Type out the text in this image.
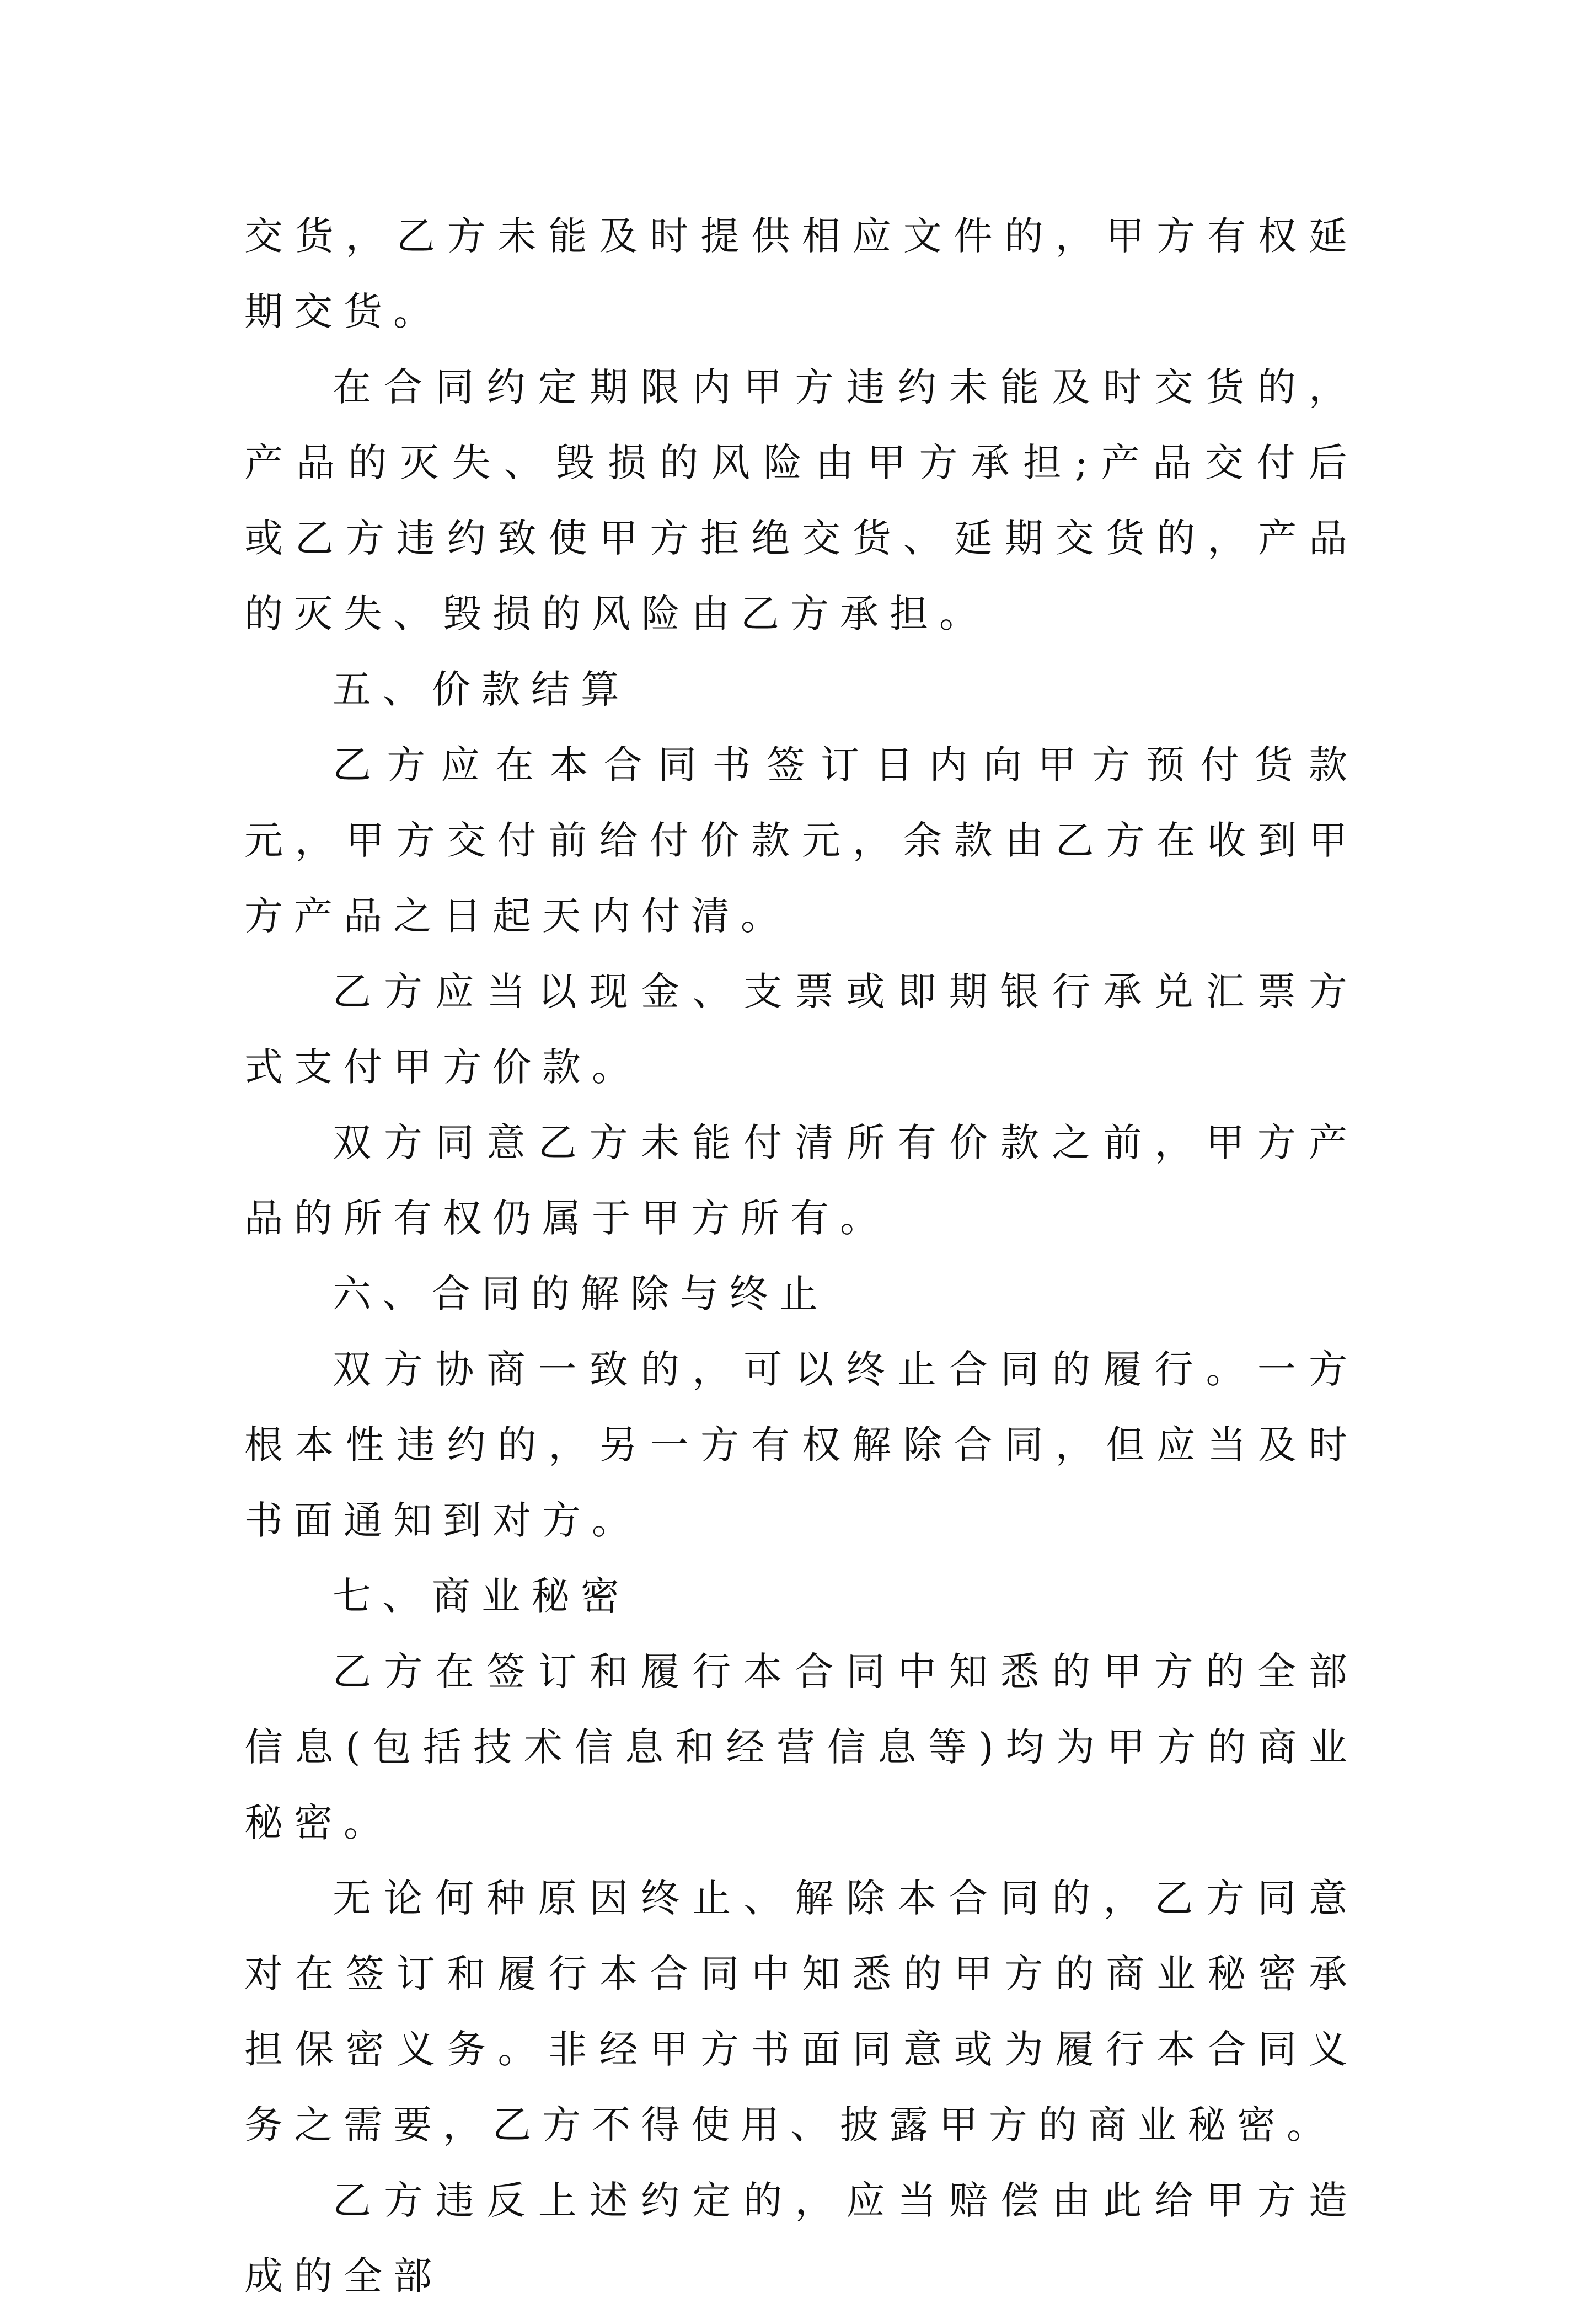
交货，乙方未能及时提供相应文件的，甲方有权延期交货。

在合同约定期限内甲方违约未能及时交货的，产品的灭失、毁损的风险由甲方承担;产品交付后或乙方违约致使甲方拒绝交货、延期交货的，产品的灭失、毁损的风险由乙方承担。

五、价款结算

乙方应在本合同书签订日内向甲方预付货款元，甲方交付前给付价款元，余款由乙方在收到甲方产品之日起天内付清。

乙方应当以现金、支票或即期银行承兑汇票方式支付甲方价款。

双方同意乙方未能付清所有价款之前，甲方产品的所有权仍属于甲方所有。

六、合同的解除与终止

双方协商一致的，可以终止合同的履行。一方根本性违约的，另一方有权解除合同，但应当及时书面通知到对方。

七、商业秘密

乙方在签订和履行本合同中知悉的甲方的全部信息(包括技术信息和经营信息等)均为甲方的商业秘密。

无论何种原因终止、解除本合同的，乙方同意对在签订和履行本合同中知悉的甲方的商业秘密承担保密义务。非经甲方书面同意或为履行本合同义务之需要，乙方不得使用、披露甲方的商业秘密。

乙方违反上述约定的，应当赔偿由此给甲方造成的全部
